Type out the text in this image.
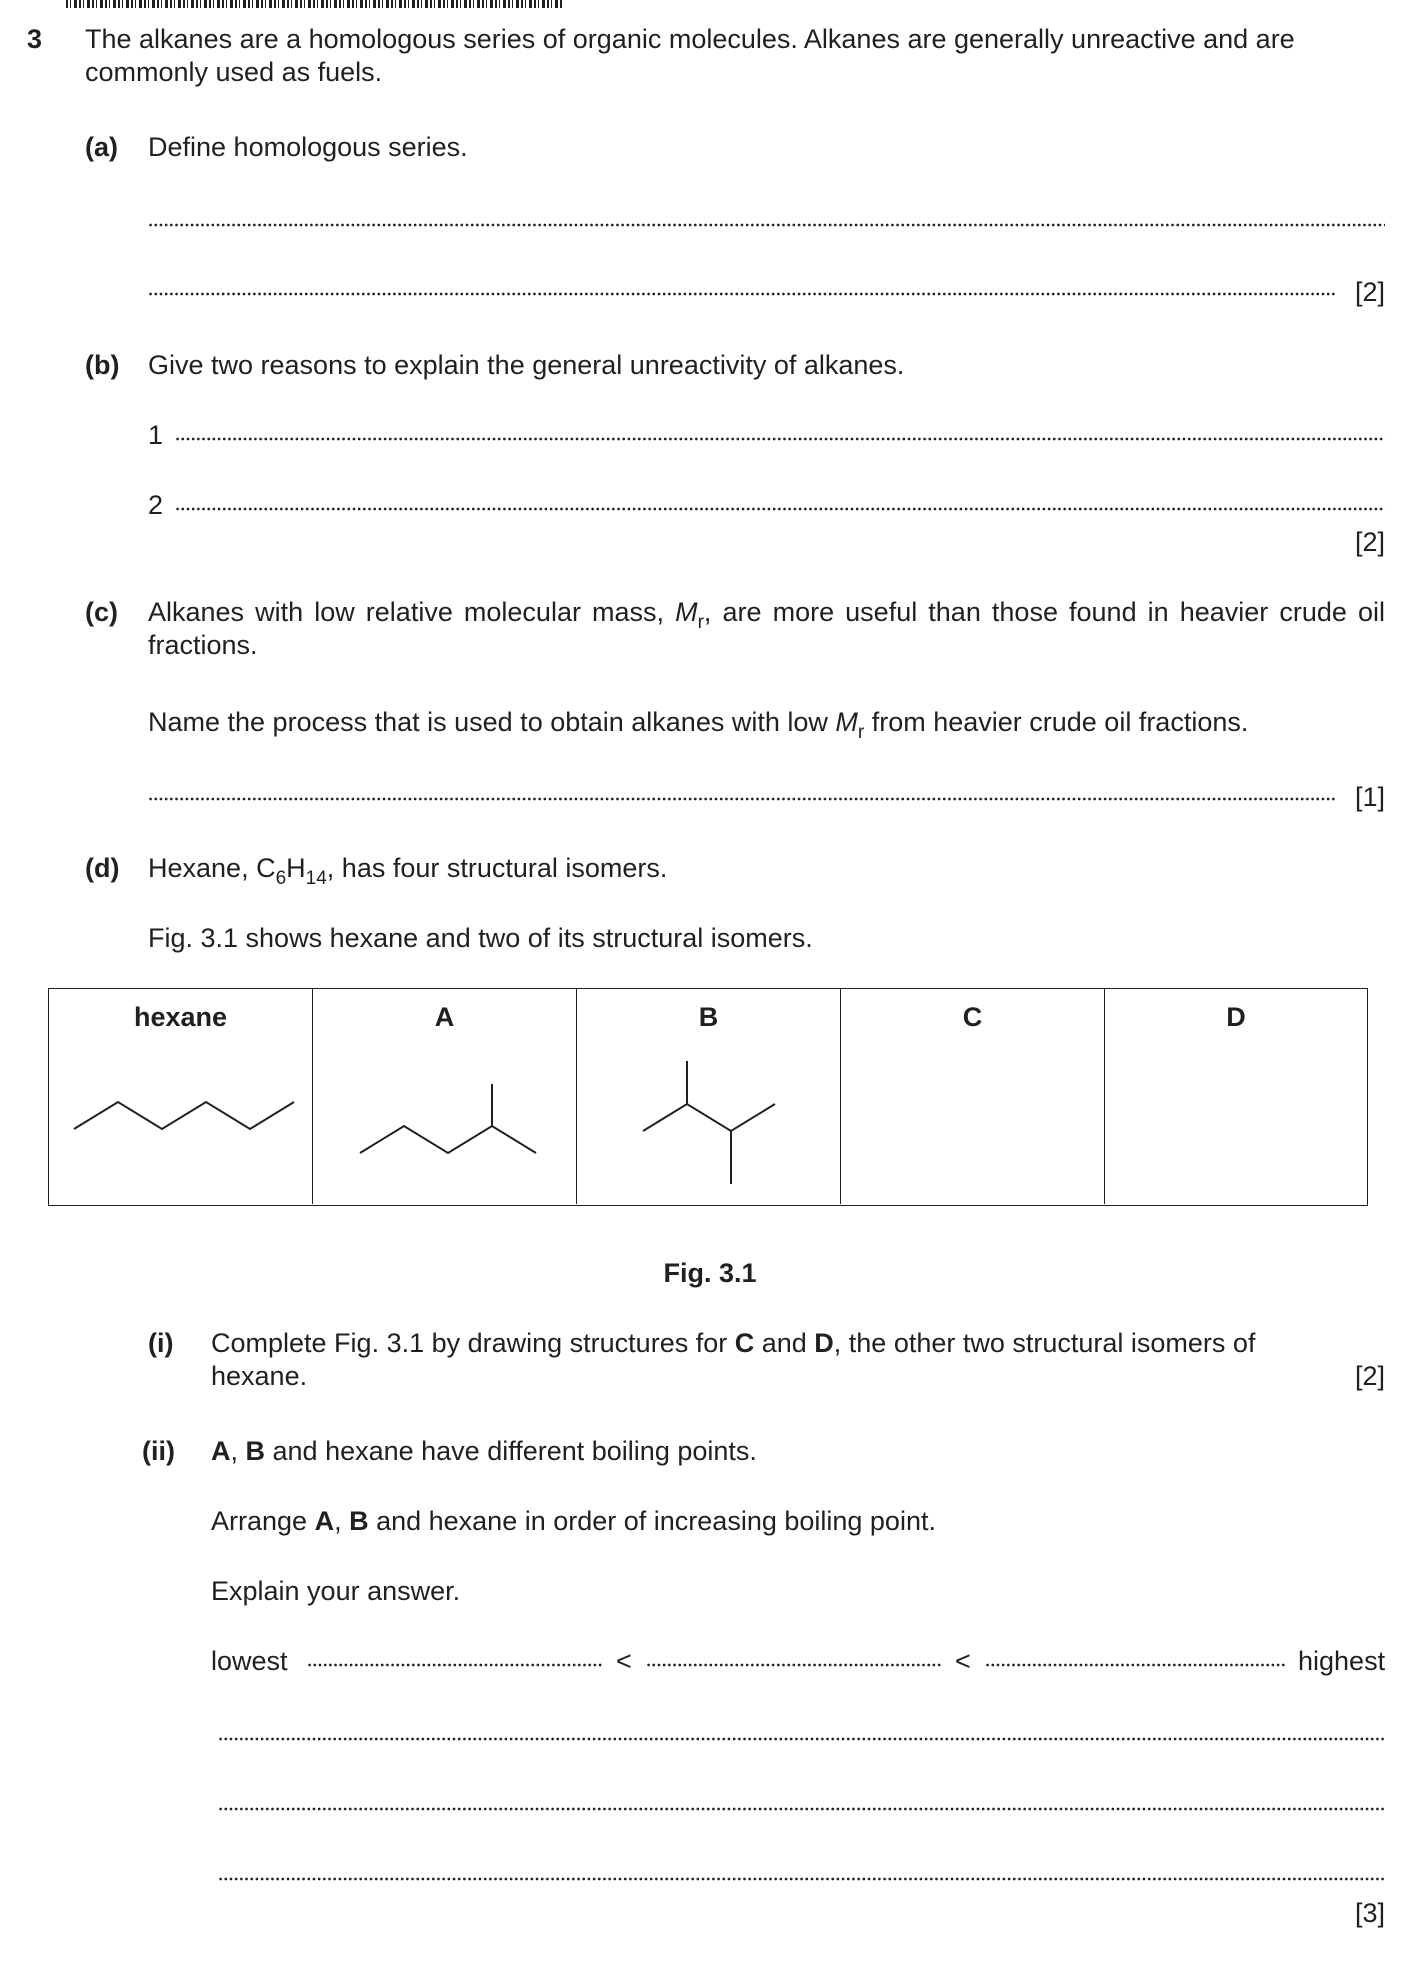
3 The alkanes are a homologous series of organic molecules. Alkanes are generally unreactive and are commonly used as fuels.
(a) Define homologous series.
[2]
(b) Give two reasons to explain the general unreactivity of alkanes.
1
2
[2]
(c) Alkanes with low relative molecular mass, $M_r$, are more useful than those found in heavier crude oil fractions.
Name the process that is used to obtain alkanes with low $M_r$ from heavier crude oil fractions.
[1]
(d) Hexane, $C_6H_{14}$, has four structural isomers.
Fig. 3.1 shows hexane and two of its structural isomers.
hexane	A	B	C	D
Fig. 3.1
(i) Complete Fig. 3.1 by drawing structures for C and D, the other two structural isomers of
hexane.	[2]
(ii) A, B and hexane have different boiling points.
Arrange A, B and hexane in order of increasing boiling point.
Explain your answer.
lowest	<	<	highest
[3]
